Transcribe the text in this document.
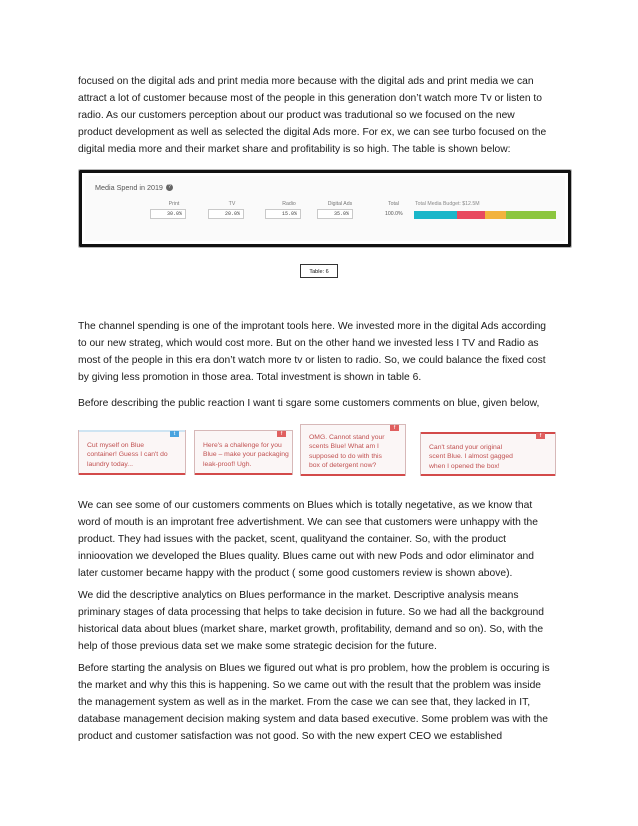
focused on the digital ads and print media more because with the digital ads and print media we can
attract a lot of customer because most of the people in this generation don’t watch more Tv or listen to
radio. As our customers perception about our product was tradutional so we focused on the new
product development as well as selected the digital Ads more. For ex, we can see turbo focused on the
digital media more and their market share and profitability is so high. The table is shown below:
Media Spend in 2019	?
Print
30.0%
TV
20.0%
Radio
15.0%
Digital Ads
35.0%
Total
100.0%
Total Media Budget: $12.5M
Table: 6
The channel spending is one of the improtant tools here. We invested more in the digital Ads according
to our new strateg, which would cost more. But on the other hand we invested less I TV and Radio as
most of the people in this era don’t watch more tv or listen to radio. So, we could balance the fixed cost
by giving less promotion in those area. Total investment is shown in table 6.
Before describing the public reaction I want ti sgare some customers comments on blue, given below,
t
Cut myself on Blue
container! Guess I can't do
laundry today...
f
Here's a challenge for you
Blue – make your packaging
leak-proof! Ugh.
f
OMG. Cannot stand your
scents Blue! What am I
supposed to do with this
box of detergent now?
f
Can't stand your original
scent Blue. I almost gagged
when I opened the box!
We can see some of our customers comments on Blues which is totally negetative, as we know that
word of mouth is an improtant free advertishment. We can see that customers were unhappy with the
product. They had issues with the packet, scent, qualityand the container. So, with the product
innioovation we developed the Blues quality. Blues came out with new Pods and odor eliminator and
later customer became happy with the product ( some good customers review is shown above).
We did the descriptive analytics on Blues performance in the market. Descriptive analysis means
priminary stages of data processing that helps to take decision in future. So we had all the background
historical data about blues (market share, market growth, profitability, demand and so on). So, with the
help of those previous data set we make some strategic decision for the future.
Before starting the analysis on Blues we figured out what is pro problem, how the problem is occuring is
the market and why this this is happening. So we came out with the result that the problem was inside
the management system as well as in the market. From the case we can see that, they lacked in IT,
database management decision making system and data based executive. Some problem was with the
product and customer satisfaction was not good. So with the new expert CEO we established
